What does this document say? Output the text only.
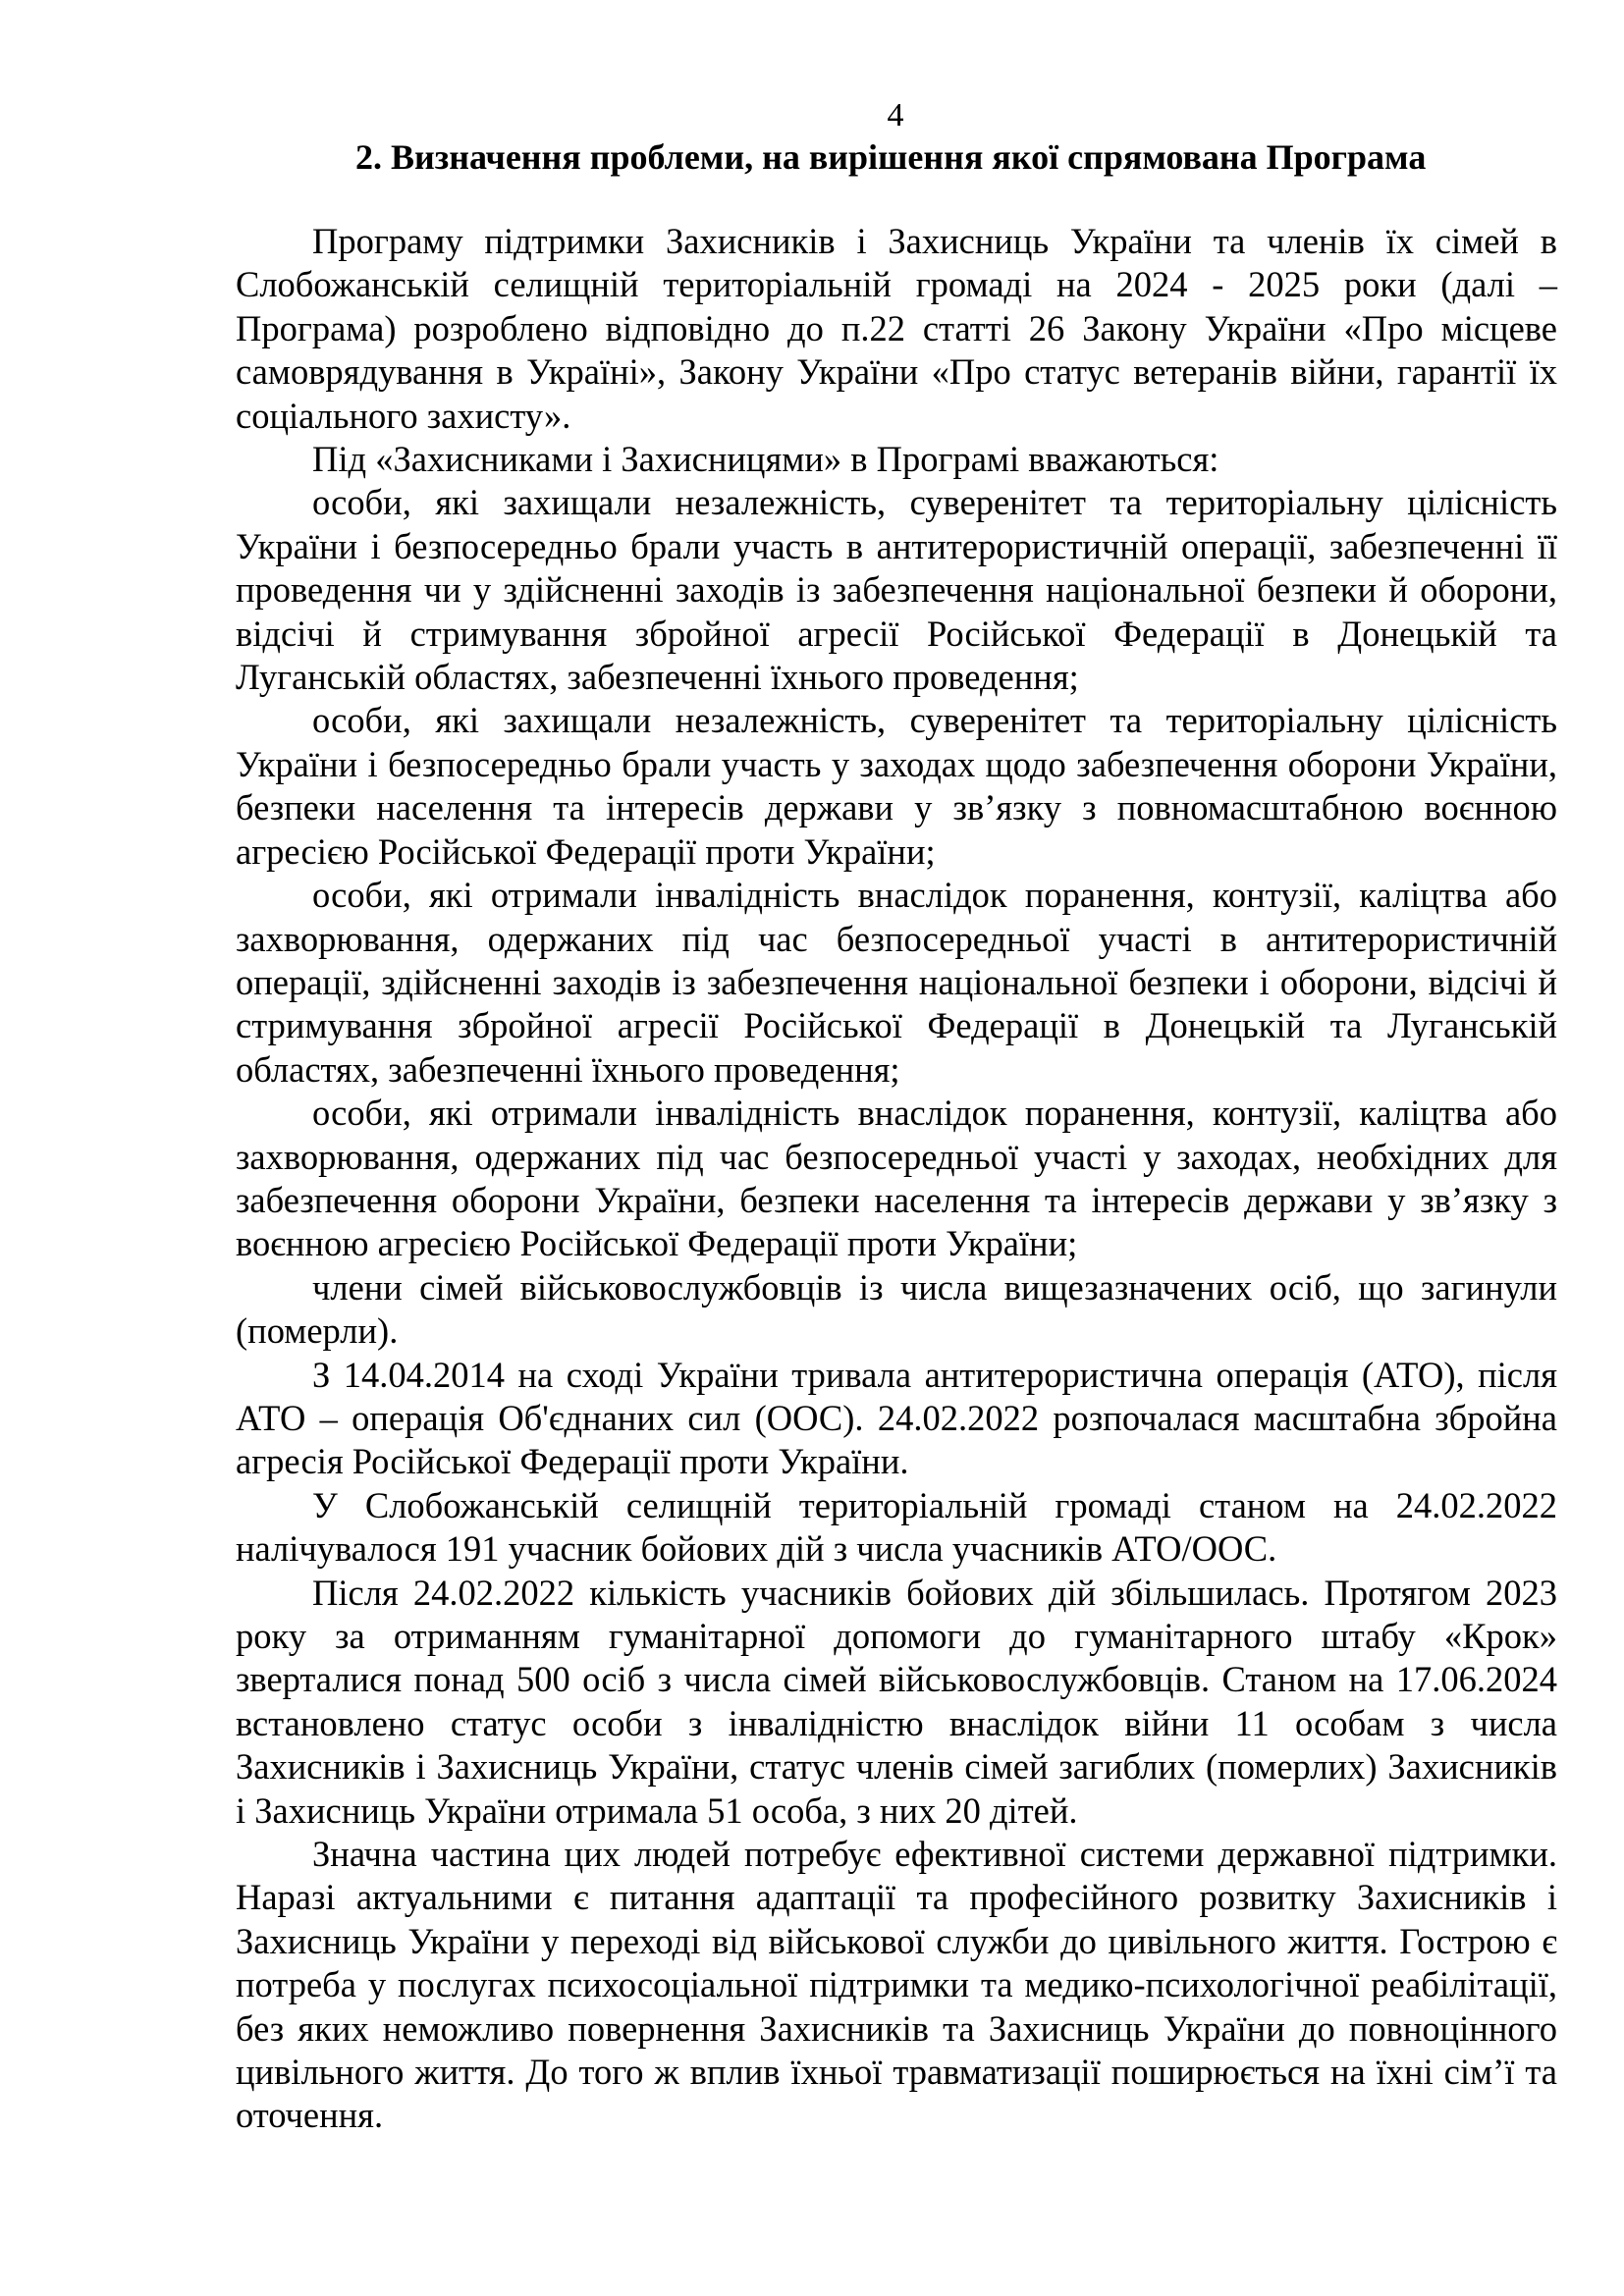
4
2. Визначення проблеми, на вирішення якої спрямована Програма

Програму підтримки Захисників і Захисниць України та членів їх сімей в Слобожанській селищній територіальній громаді на 2024 - 2025 роки (далі – Програма) розроблено відповідно до п.22 статті 26 Закону України «Про місцеве самоврядування в Україні», Закону України «Про статус ветеранів війни, гарантії їх соціального захисту».

Під «Захисниками і Захисницями» в Програмі вважаються:

особи, які захищали незалежність, суверенітет та територіальну цілісність України і безпосередньо брали участь в антитерористичній операції, забезпеченні її проведення чи у здійсненні заходів із забезпечення національної безпеки й оборони, відсічі й стримування збройної агресії Російської Федерації в Донецькій та Луганській областях, забезпеченні їхнього проведення;

особи, які захищали незалежність, суверенітет та територіальну цілісність України і безпосередньо брали участь у заходах щодо забезпечення оборони України, безпеки населення та інтересів держави у зв’язку з повномасштабною воєнною агресією Російської Федерації проти України;

особи, які отримали інвалідність внаслідок поранення, контузії, каліцтва або захворювання, одержаних під час безпосередньої участі в антитерористичній операції, здійсненні заходів із забезпечення національної безпеки і оборони, відсічі й стримування збройної агресії Російської Федерації в Донецькій та Луганській областях, забезпеченні їхнього проведення;

особи, які отримали інвалідність внаслідок поранення, контузії, каліцтва або захворювання, одержаних під час безпосередньої участі у заходах, необхідних для забезпечення оборони України, безпеки населення та інтересів держави у зв’язку з воєнною агресією Російської Федерації проти України;

члени сімей військовослужбовців із числа вищезазначених осіб, що загинули (померли).

З 14.04.2014 на сході України тривала антитерористична операція (АТО), після АТО – операція Об'єднаних сил (ООС). 24.02.2022 розпочалася масштабна збройна агресія Російської Федерації проти України.

У Слобожанській селищній територіальній громаді станом на 24.02.2022 налічувалося 191 учасник бойових дій з числа учасників АТО/ООС.

Після 24.02.2022 кількість учасників бойових дій збільшилась. Протягом 2023 року за отриманням гуманітарної допомоги до гуманітарного штабу «Крок» зверталися понад 500 осіб з числа сімей військовослужбовців. Станом на 17.06.2024 встановлено статус особи з інвалідністю внаслідок війни 11 особам з числа Захисників і Захисниць України, статус членів сімей загиблих (померлих) Захисників і Захисниць України отримала 51 особа, з них 20 дітей.

Значна частина цих людей потребує ефективної системи державної підтримки. Наразі актуальними є питання адаптації та професійного розвитку Захисників і Захисниць України у переході від військової служби до цивільного життя. Гострою є потреба у послугах психосоціальної підтримки та медико-психологічної реабілітації, без яких неможливо повернення Захисників та Захисниць України до повноцінного цивільного життя. До того ж вплив їхньої травматизації поширюється на їхні сім’ї та оточення.
